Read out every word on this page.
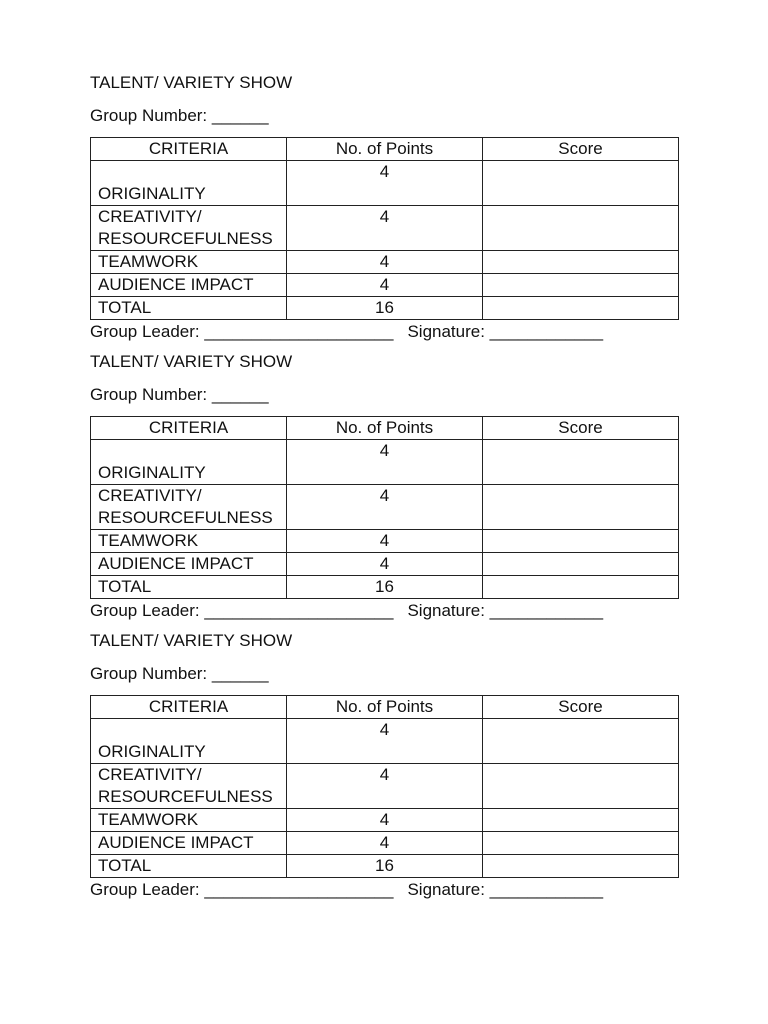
TALENT/ VARIETY SHOW

Group Number: ______
CRITERIA	No. of Points	Score
ORIGINALITY	4	

CREATIVITY/
RESOURCEFULNESS	4	
TEAMWORK	4	
AUDIENCE IMPACT	4	
TOTAL	16	
Group Leader: ____________________ Signature: ____________

TALENT/ VARIETY SHOW

Group Number: ______
CRITERIA	No. of Points	Score
ORIGINALITY	4	

CREATIVITY/
RESOURCEFULNESS	4	
TEAMWORK	4	
AUDIENCE IMPACT	4	
TOTAL	16	
Group Leader: ____________________ Signature: ____________

TALENT/ VARIETY SHOW

Group Number: ______
CRITERIA	No. of Points	Score
ORIGINALITY	4	

CREATIVITY/
RESOURCEFULNESS	4	
TEAMWORK	4	
AUDIENCE IMPACT	4	
TOTAL	16	
Group Leader: ____________________ Signature: ____________
